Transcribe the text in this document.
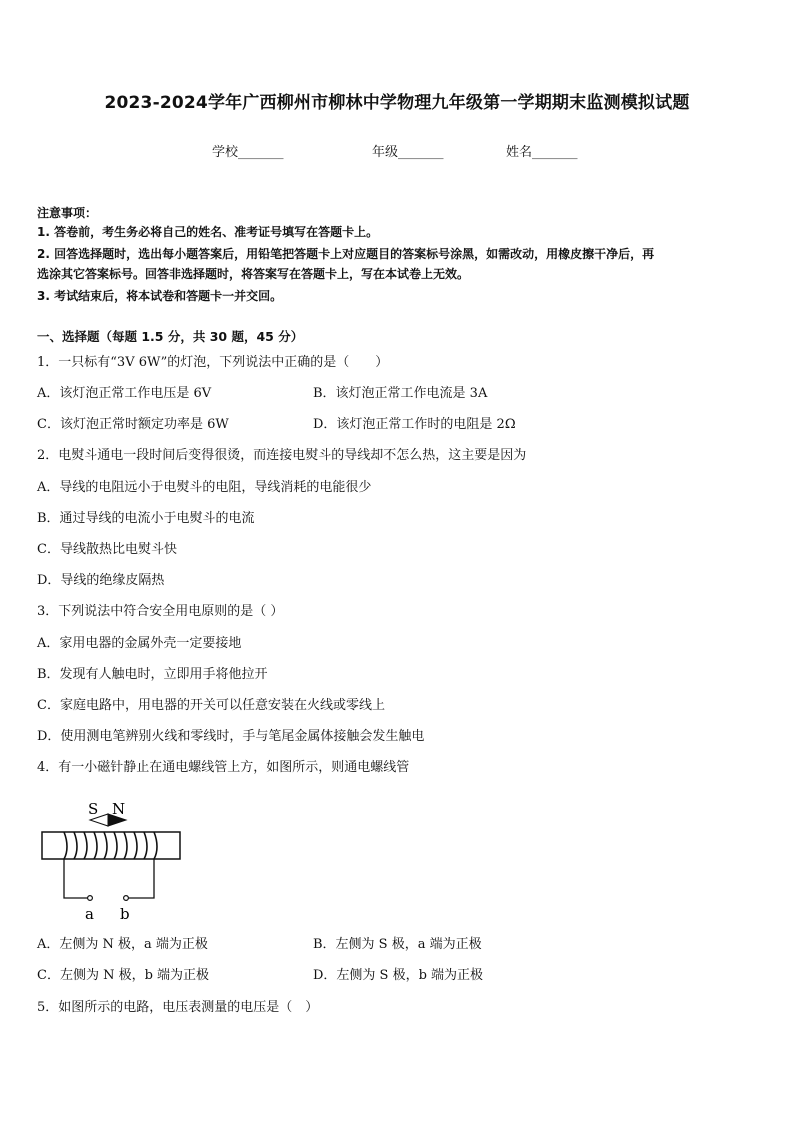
2023-2024学年广西柳州市柳林中学物理九年级第一学期期末监测模拟试题
学校_______	年级_______	姓名_______
注意事项：
1. 答卷前，考生务必将自己的姓名、准考证号填写在答题卡上。
2. 回答选择题时，选出每小题答案后，用铅笔把答题卡上对应题目的答案标号涂黑，如需改动，用橡皮擦干净后，再
选涂其它答案标号。回答非选择题时，将答案写在答题卡上，写在本试卷上无效。
3. 考试结束后，将本试卷和答题卡一并交回。
一、选择题（每题 1.5 分，共 30 题，45 分）
1．一只标有“3V 6W”的灯泡，下列说法中正确的是（　　）
A．该灯泡正常工作电压是 6V	B．该灯泡正常工作电流是 3A
C．该灯泡正常时额定功率是 6W	D．该灯泡正常工作时的电阻是 2Ω
2．电熨斗通电一段时间后变得很烫，而连接电熨斗的导线却不怎么热，这主要是因为
A．导线的电阻远小于电熨斗的电阻，导线消耗的电能很少
B．通过导线的电流小于电熨斗的电流
C．导线散热比电熨斗快
D．导线的绝缘皮隔热
3．下列说法中符合安全用电原则的是（ ）
A．家用电器的金属外壳一定要接地
B．发现有人触电时，立即用手将他拉开
C．家庭电路中，用电器的开关可以任意安装在火线或零线上
D．使用测电笔辨别火线和零线时，手与笔尾金属体接触会发生触电
4．有一小磁针静止在通电螺线管上方，如图所示，则通电螺线管
S N
a b
A．左侧为 N 极，a 端为正极	B．左侧为 S 极，a 端为正极
C．左侧为 N 极，b 端为正极	D．左侧为 S 极，b 端为正极
5．如图所示的电路，电压表测量的电压是（　）
